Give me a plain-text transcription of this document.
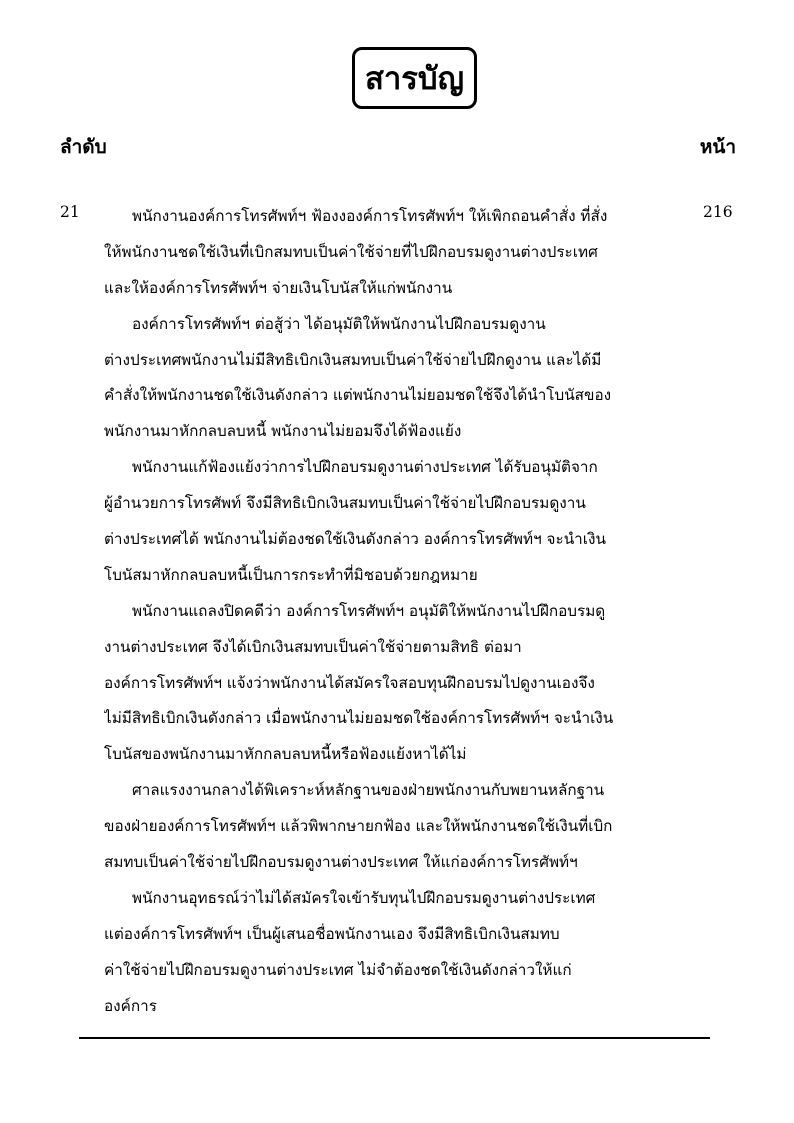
สารบัญ
ลำดับ	หน้า
21	216
พนักงานองค์การโทรศัพท์ฯ ฟ้องงองค์การโทรศัพท์ฯ ให้เพิกถอนคำสั่ง ที่สั่ง
ให้พนักงานชดใช้เงินที่เบิกสมทบเป็นค่าใช้จ่ายที่ไปฝึกอบรมดูงานต่างประเทศ
และให้องค์การโทรศัพท์ฯ จ่ายเงินโบนัสให้แก่พนักงาน
องค์การโทรศัพท์ฯ ต่อสู้ว่า ได้อนุมัติให้พนักงานไปฝึกอบรมดูงาน
ต่างประเทศพนักงานไม่มีสิทธิเบิกเงินสมทบเป็นค่าใช้จ่ายไปฝึกดูงาน และได้มี
คำสั่งให้พนักงานชดใช้เงินดังกล่าว แต่พนักงานไม่ยอมชดใช้จึงได้นำโบนัสของ
พนักงานมาหักกลบลบหนี้ พนักงานไม่ยอมจึงได้ฟ้องแย้ง
พนักงานแก้ฟ้องแย้งว่าการไปฝึกอบรมดูงานต่างประเทศ ได้รับอนุมัติจาก
ผู้อำนวยการโทรศัพท์ จึงมีสิทธิเบิกเงินสมทบเป็นค่าใช้จ่ายไปฝึกอบรมดูงาน
ต่างประเทศได้ พนักงานไม่ต้องชดใช้เงินดังกล่าว องค์การโทรศัพท์ฯ จะนำเงิน
โบนัสมาหักกลบลบหนี้เป็นการกระทำที่มิชอบด้วยกฎหมาย
พนักงานแถลงปิดคดีว่า องค์การโทรศัพท์ฯ อนุมัติให้พนักงานไปฝึกอบรมดู
งานต่างประเทศ จึงได้เบิกเงินสมทบเป็นค่าใช้จ่ายตามสิทธิ ต่อมา
องค์การโทรศัพท์ฯ แจ้งว่าพนักงานได้สมัครใจสอบทุนฝึกอบรมไปดูงานเองจึง
ไม่มีสิทธิเบิกเงินดังกล่าว เมื่อพนักงานไม่ยอมชดใช้องค์การโทรศัพท์ฯ จะนำเงิน
โบนัสของพนักงานมาหักกลบลบหนี้หรือฟ้องแย้งหาได้ไม่
ศาลแรงงานกลางได้พิเคราะห์หลักฐานของฝ่ายพนักงานกับพยานหลักฐาน
ของฝ่ายองค์การโทรศัพท์ฯ แล้วพิพากษายกฟ้อง และให้พนักงานชดใช้เงินที่เบิก
สมทบเป็นค่าใช้จ่ายไปฝึกอบรมดูงานต่างประเทศ ให้แก่องค์การโทรศัพท์ฯ
พนักงานอุทธรณ์ว่าไม่ได้สมัครใจเข้ารับทุนไปฝึกอบรมดูงานต่างประเทศ
แต่องค์การโทรศัพท์ฯ เป็นผู้เสนอชื่อพนักงานเอง จึงมีสิทธิเบิกเงินสมทบ
ค่าใช้จ่ายไปฝึกอบรมดูงานต่างประเทศ ไม่จำต้องชดใช้เงินดังกล่าวให้แก่
องค์การ
